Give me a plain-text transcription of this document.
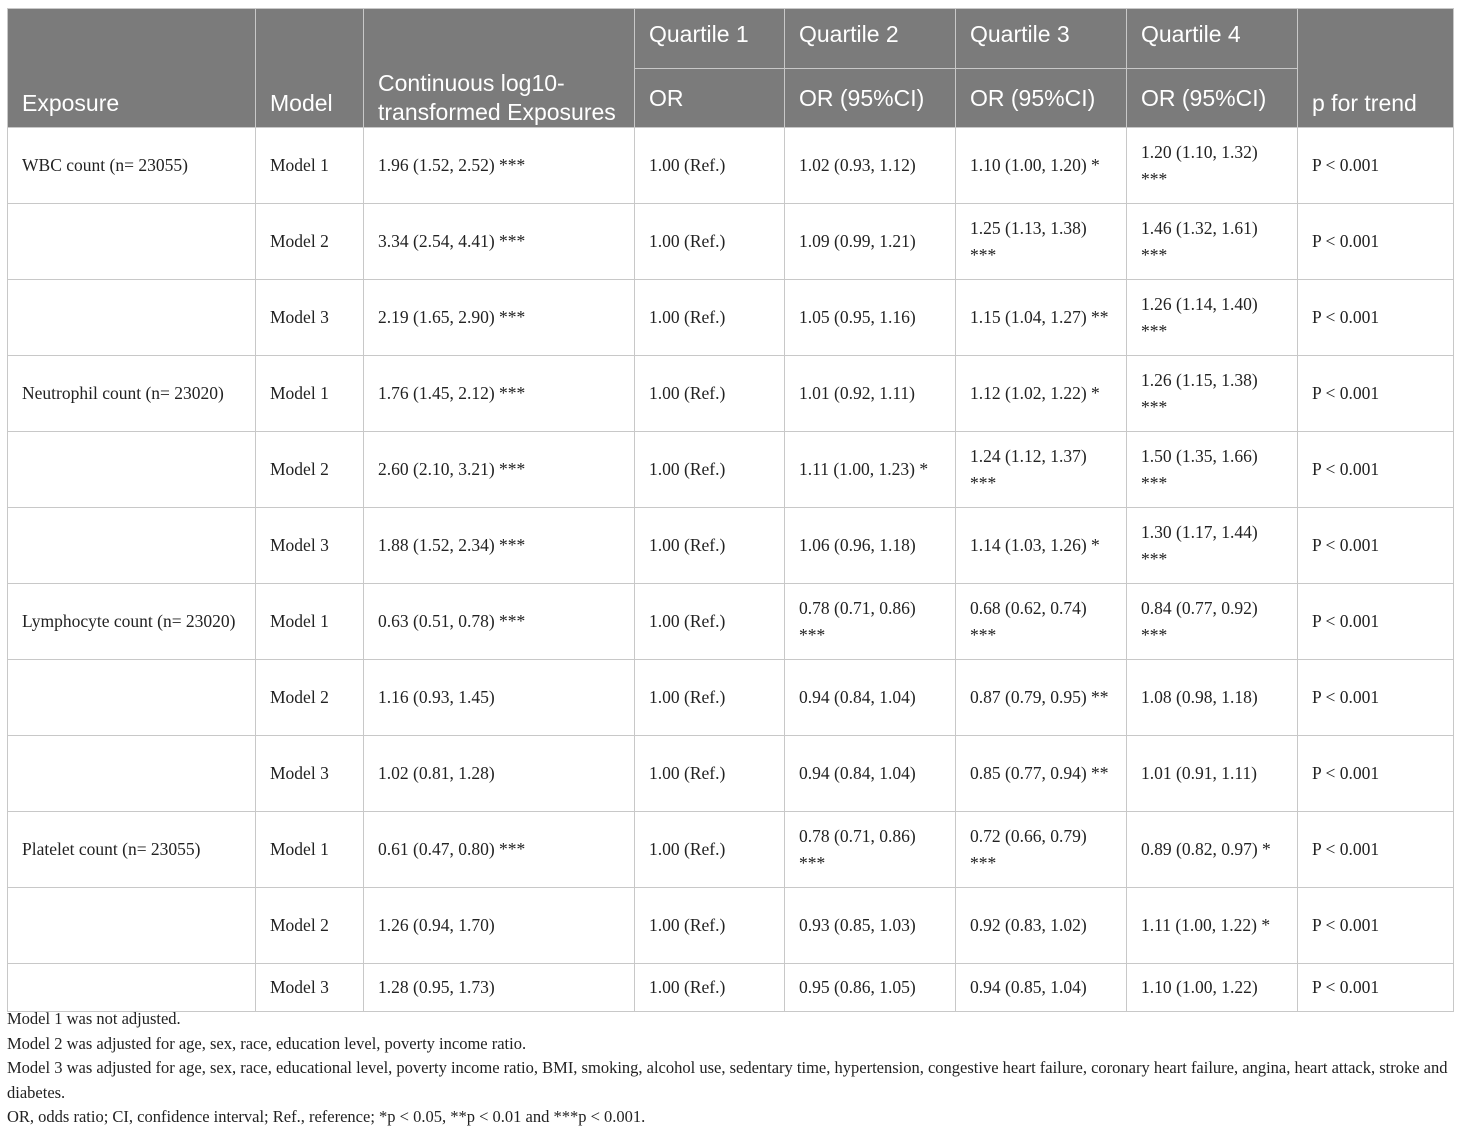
Exposure	Model	Continuous log10-transformed Exposures	Quartile 1	Quartile 2	Quartile 3	Quartile 4	p for trend
			OR	OR (95%CI)	OR (95%CI)	OR (95%CI)	
WBC count (n= 23055)	Model 1	1.96 (1.52, 2.52) ***	1.00 (Ref.)	1.02 (0.93, 1.12)	1.10 (1.00, 1.20) *	1.20 (1.10, 1.32) ***	P < 0.001
	Model 2	3.34 (2.54, 4.41) ***	1.00 (Ref.)	1.09 (0.99, 1.21)	1.25 (1.13, 1.38) ***	1.46 (1.32, 1.61) ***	P < 0.001
	Model 3	2.19 (1.65, 2.90) ***	1.00 (Ref.)	1.05 (0.95, 1.16)	1.15 (1.04, 1.27) **	1.26 (1.14, 1.40) ***	P < 0.001
Neutrophil count (n= 23020)	Model 1	1.76 (1.45, 2.12) ***	1.00 (Ref.)	1.01 (0.92, 1.11)	1.12 (1.02, 1.22) *	1.26 (1.15, 1.38) ***	P < 0.001
	Model 2	2.60 (2.10, 3.21) ***	1.00 (Ref.)	1.11 (1.00, 1.23) *	1.24 (1.12, 1.37) ***	1.50 (1.35, 1.66) ***	P < 0.001
	Model 3	1.88 (1.52, 2.34) ***	1.00 (Ref.)	1.06 (0.96, 1.18)	1.14 (1.03, 1.26) *	1.30 (1.17, 1.44) ***	P < 0.001
Lymphocyte count (n= 23020)	Model 1	0.63 (0.51, 0.78) ***	1.00 (Ref.)	0.78 (0.71, 0.86) ***	0.68 (0.62, 0.74) ***	0.84 (0.77, 0.92) ***	P < 0.001
	Model 2	1.16 (0.93, 1.45)	1.00 (Ref.)	0.94 (0.84, 1.04)	0.87 (0.79, 0.95) **	1.08 (0.98, 1.18)	P < 0.001
	Model 3	1.02 (0.81, 1.28)	1.00 (Ref.)	0.94 (0.84, 1.04)	0.85 (0.77, 0.94) **	1.01 (0.91, 1.11)	P < 0.001
Platelet count (n= 23055)	Model 1	0.61 (0.47, 0.80) ***	1.00 (Ref.)	0.78 (0.71, 0.86) ***	0.72 (0.66, 0.79) ***	0.89 (0.82, 0.97) *	P < 0.001
	Model 2	1.26 (0.94, 1.70)	1.00 (Ref.)	0.93 (0.85, 1.03)	0.92 (0.83, 1.02)	1.11 (1.00, 1.22) *	P < 0.001
	Model 3	1.28 (0.95, 1.73)	1.00 (Ref.)	0.95 (0.86, 1.05)	0.94 (0.85, 1.04)	1.10 (1.00, 1.22)	P < 0.001

Model 1 was not adjusted.

Model 2 was adjusted for age, sex, race, education level, poverty income ratio.

Model 3 was adjusted for age, sex, race, educational level, poverty income ratio, BMI, smoking, alcohol use, sedentary time, hypertension, congestive heart failure, coronary heart failure, angina, heart attack, stroke and diabetes.

OR, odds ratio; CI, confidence interval; Ref., reference; *p < 0.05, **p < 0.01 and ***p < 0.001.
